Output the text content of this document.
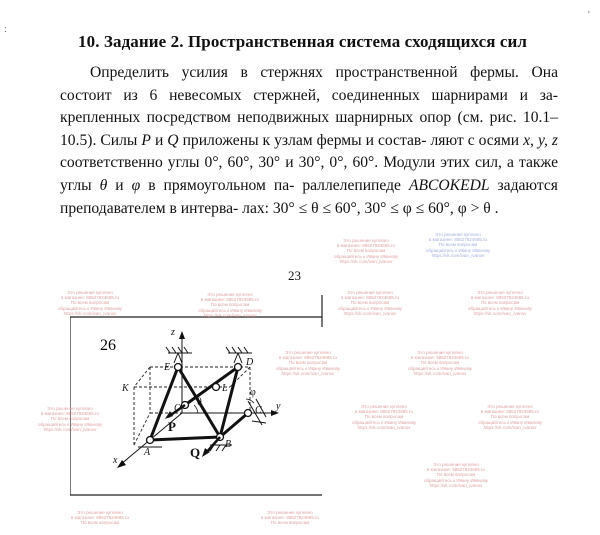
:
'
10. Задание 2. Пространственная система сходящихся сил
Определить усилия в стержнях пространственной фермы. Она состоит из 6 невесомых стержней, соединенных шарнирами и за- крепленных посредством неподвижных шарнирных опор (см. рис. 10.1–10.5). Силы P и Q приложены к узлам фермы и состав- ляют с осями x, y, z соответственно углы 0°, 60°, 30° и 30°, 0°, 60°. Модули этих сил, а также углы θ и φ в прямоугольном па- раллелепипеде ABCOKEDL задаются преподавателем в интерва- лах: 30° ≤ θ ≤ 60°, 30° ≤ φ ≤ 60°, φ > θ .
23
26
z
y
x
E	D
K	L
O	C
A
B
θ
φ
P
Q
Это решение куплено
в магазине: 88527924685.ru
По всем вопросам
обращайтесь к Ивану Иванову
https://vk.com/ivan_ivanov
Это решение куплено
в магазине: 88527924685.ru
По всем вопросам
обращайтесь к Ивану Иванову
https://vk.com/ivan_ivanov
Это решение куплено
в магазине: 88527924685.ru
По всем вопросам
обращайтесь к Ивану Иванову
https://vk.com/ivan_ivanov
Это решение куплено
в магазине: 88527924685.ru
По всем вопросам
обращайтесь к Ивану Иванову
https://vk.com/ivan_ivanov
Это решение куплено
в магазине: 88527924685.ru
По всем вопросам
обращайтесь к Ивану Иванову
https://vk.com/ivan_ivanov
Это решение куплено
в магазине: 88527924685.ru
По всем вопросам
обращайтесь к Ивану Иванову
https://vk.com/ivan_ivanov
Это решение куплено
в магазине: 88527924685.ru
По всем вопросам
обращайтесь к Ивану Иванову
https://vk.com/ivan_ivanov
Это решение куплено
в магазине: 88527924685.ru
По всем вопросам
обращайтесь к Ивану Иванову
https://vk.com/ivan_ivanov
Это решение куплено
в магазине: 88527924685.ru
По всем вопросам
обращайтесь к Ивану Иванову
https://vk.com/ivan_ivanov
Это решение куплено
в магазине: 88527924685.ru
По всем вопросам
обращайтесь к Ивану Иванову
https://vk.com/ivan_ivanov
Это решение куплено
в магазине: 88527924685.ru
По всем вопросам
обращайтесь к Ивану Иванову
https://vk.com/ivan_ivanov
Это решение куплено
в магазине: 88527924685.ru
По всем вопросам
обращайтесь к Ивану Иванову
https://vk.com/ivan_ivanov
Это решение куплено
в магазине: 88527924685.ru
По всем вопросам
Это решение куплено
в магазине: 88527924685.ru
По всем вопросам
